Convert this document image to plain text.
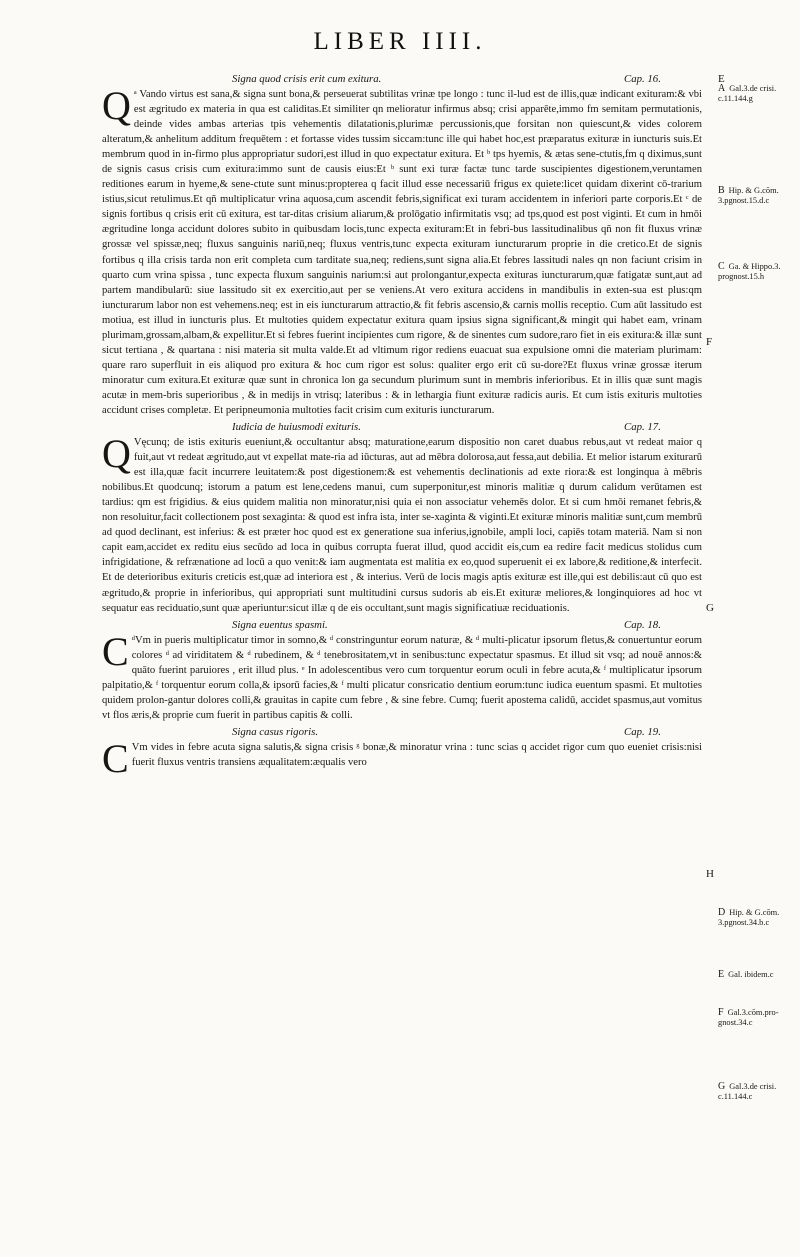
LIBER IIII.
Signa quod crisis erit cum exitura.	Cap. 16.	E

Q ᵃ Vando virtus est sana,& signa sunt bona,& perseuerat subtilitas vrinæ tpe longo : tunc il-lud est de illis,quæ indicant exituram:& vbi est ægritudo ex materia in qua est caliditas.Et similiter qn melioratur infirmus absq; crisi apparēte,immo fm semitam permutationis, deinde vides ambas arterias tpis vehementis dilatationis,plurimæ percussionis,que forsitan non quiescunt,& vides colorem alteratum,& anhelitum additum frequētem : et fortasse vides tussim siccam:tunc ille qui habet hoc,est præparatus exituræ in iuncturis suis.Et membrum quod in in-firmo plus appropriatur sudori,est illud in quo expectatur exitura. Et ᵇ tps hyemis, & ætas sene-ctutis,fm q diximus,sunt de signis casus crisis cum exitura:immo sunt de causis eius:Et ᵇ sunt exi turæ factæ tunc tarde suscipientes digestionem,veruntamen reditiones earum in hyeme,& sene-ctute sunt minus:propterea q facit illud esse necessariū frigus ex quiete:licet quidam dixerint cō-trarium istius,sicut retulimus.Et qñ multiplicatur vrina aquosa,cum ascendit febris,significat exi turam accidentem in inferiori parte corporis.Et ᶜ de signis fortibus q crisis erit cū exitura, est tar-ditas crisium aliarum,& prolōgatio infirmitatis vsq; ad tps,quod est post viginti. Et cum in hmōi ægritudine longa accidunt dolores subito in quibusdam locis,tunc expecta exituram:Et in febri-bus lassitudinalibus qñ non fit fluxus vrinæ grossæ vel spissæ,neq; fluxus sanguinis nariū,neq; fluxus ventris,tunc expecta exituram iuncturarum proprie in die cretico.Et de signis fortibus q illa crisis tarda non erit completa cum tarditate sua,neq; rediens,sunt signa alia.Et febres lassitudi nales qn non faciunt crisim in quarto cum vrina spissa , tunc expecta fluxum sanguinis narium:si aut prolongantur,expecta exituras iuncturarum,quæ fatigatæ sunt,aut ad partem mandibularū: siue lassitudo sit ex exercitio,aut per se veniens.At vero exitura accidens in mandibulis in exten-sua est plus:qm iuncturarum labor non est vehemens.neq; est in eis iuncturarum attractio,& fit febris ascensio,& carnis mollis receptio. Cum aūt lassitudo est motiua, est illud in iuncturis plus. Et multoties quidem expectatur exitura quam ipsius signa significant,& mingit qui habet eam, vrinam plurimam,grossam,albam,& expellitur.Et si febres fuerint incipientes cum rigore, & de sinentes cum sudore,raro fiet in eis exitura:& illæ sunt sicut tertiana , & quartana : nisi materia sit multa valde.Et ad vltimum rigor rediens euacuat sua expulsione omni die materiam plurimam: quare raro superfluit in eis aliquod pro exitura & hoc cum rigor est solus: qualiter ergo erit cū su-dore?Et fluxus vrinæ grossæ iterum minoratur cum exitura.Et exituræ quæ sunt in chronica lon ga secundum plurimum sunt in membris inferioribus. Et in illis quæ sunt magis acutæ in mem-bris superioribus , & in medijs in vtrisq; lateribus : & in lethargia fiunt exituræ radicis auris. Et cum istis exituris multoties accidunt crises completæ. Et peripneumonia multoties facit crisim cum exituris iuncturarum.

Iudicia de huiusmodi exituris.	Cap. 17.

Q Vęcunq; de istis exituris eueniunt,& occultantur absq; maturatione,earum dispositio non caret duabus rebus,aut vt redeat maior q fuit,aut vt redeat ægritudo,aut vt expellat mate-ria ad iūcturas, aut ad mēbra dolorosa,aut fessa,aut debilia. Et melior istarum exiturarū est illa,quæ facit incurrere leuitatem:& post digestionem:& est vehementis declinationis ad exte riora:& est longinqua à mēbris nobilibus.Et quodcunq; istorum a patum est lene,cedens manui, cum superponitur,est minoris malitiæ q durum calidum verūtamen est tardius: qm est frigidius. & eius quidem malitia non minoratur,nisi quia ei non associatur vehemēs dolor. Et si cum hmōi remanet febris,& non resoluitur,facit collectionem post sexaginta: & quod est infra ista, inter se-xaginta & viginti.Et exituræ minoris malitiæ sunt,cum membrū ad quod declinant, est inferius: & est præter hoc quod est ex generatione sua inferius,ignobile, ampli loci, capiēs totam materiā. Nam si non capit eam,accidet ex reditu eius secūdo ad loca in quibus corrupta fuerat illud, quod accidit eis,cum ea redire facit medicus stolidus cum infrigidatione, & refrænatione ad locū a quo venit:& iam augmentata est malitia ex eo,quod superuenit ei ex labore,& reditione,& interfecit. Et de deterioribus exituris creticis est,quæ ad interiora est , & interius. Verū de locis magis aptis exituræ est ille,qui est debilis:aut cū quo est ægritudo,& proprie in inferioribus, qui appropriati sunt multitudini cursus sudoris ab eis.Et exituræ meliores,& longinquiores ad hoc vt sequatur eas reciduatio,sunt quæ aperiuntur:sicut illæ q de eis occultant,sunt magis significatiuæ reciduationis.

Signa euentus spasmi.	Cap. 18.

C ᵈVm in pueris multiplicatur timor in somno,& ᵈ constringuntur eorum naturæ, & ᵈ multi-plicatur ipsorum fletus,& conuertuntur eorum colores ᵈ ad viriditatem & ᵈ rubedinem, & ᵈ tenebrositatem,vt in senibus:tunc expectatur spasmus. Et illud sit vsq; ad nouē annos:& quāto fuerint paruiores , erit illud plus. ᵉ In adolescentibus vero cum torquentur eorum oculi in febre acuta,& ᶠ multiplicatur ipsorum palpitatio,& ᶠ torquentur eorum colla,& ipsorū facies,& ᶠ multi plicatur consricatio dentium eorum:tunc iudica euentum spasmi. Et multoties quidem prolon-gantur dolores colli,& grauitas in capite cum febre , & sine febre. Cumq; fuerit apostema calidū, accidet spasmus,aut vomitus vt flos æris,& proprie cum fuerit in partibus capitis & colli.

Signa casus rigoris.	Cap. 19.

C Vm vides in febre acuta signa salutis,& signa crisis ᵍ bonæ,& minoratur vrina : tunc scias q accidet rigor cum quo eueniet crisis:nisi fuerit fluxus ventris transiens æqualitatem:æqualis vero

F
G
H
A Gal.3.de crisi. c.11.144.g
B Hip. & G.cōm. 3.pgnost.15.d.c
C Ga. & Hippo.3. prognost.15.h
D Hip. & G.cōm. 3.pgnost.34.b.c
E Gal. ibidem.c
F Gal.3.cōm.pro-gnost.34.c
G Gal.3.de crisi. c.11.144.c
